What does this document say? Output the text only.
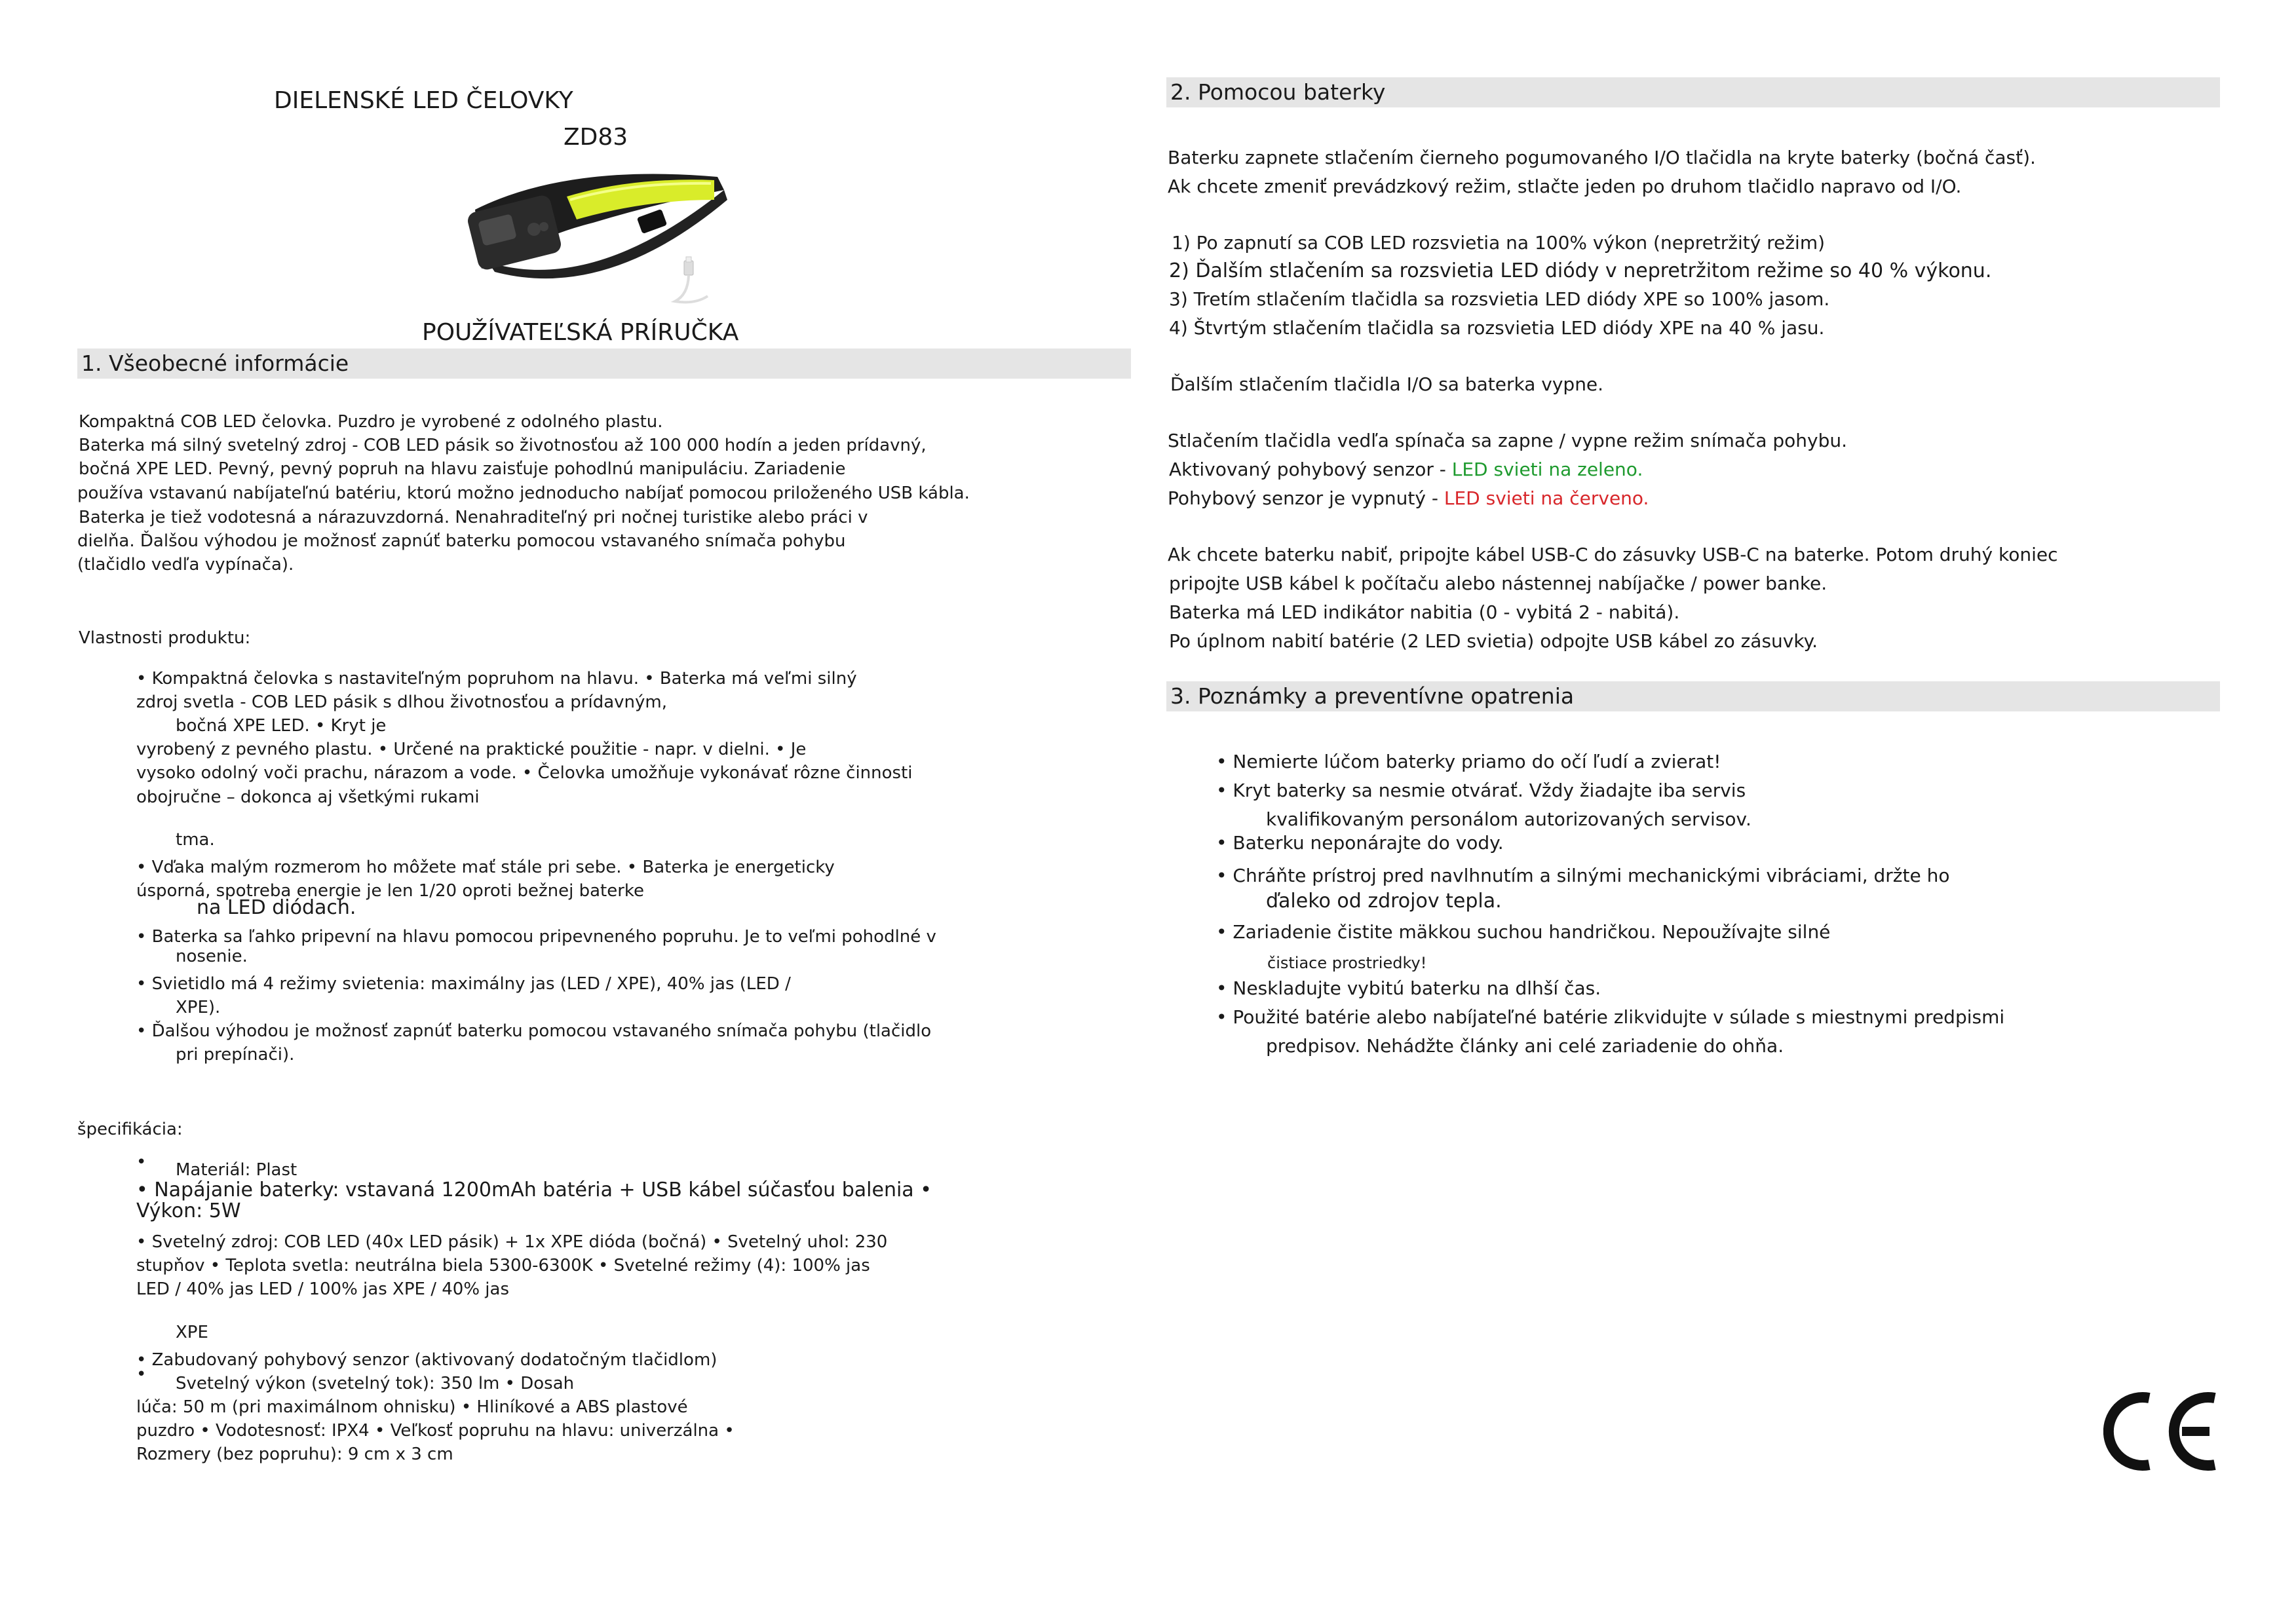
DIELENSKÉ LED ČELOVKY
ZD83
POUŽÍVATEĽSKÁ PRÍRUČKA
1. Všeobecné informácie
Kompaktná COB LED čelovka. Puzdro je vyrobené z odolného plastu.
Baterka má silný svetelný zdroj - COB LED pásik so životnosťou až 100 000 hodín a jeden prídavný,
bočná XPE LED. Pevný, pevný popruh na hlavu zaisťuje pohodlnú manipuláciu. Zariadenie
používa vstavanú nabíjateľnú batériu, ktorú možno jednoducho nabíjať pomocou priloženého USB kábla.
Baterka je tiež vodotesná a nárazuvzdorná. Nenahraditeľný pri nočnej turistike alebo práci v
dielňa. Ďalšou výhodou je možnosť zapnúť baterku pomocou vstavaného snímača pohybu
(tlačidlo vedľa vypínača).
Vlastnosti produktu:
• Kompaktná čelovka s nastaviteľným popruhom na hlavu. • Baterka má veľmi silný
zdroj svetla - COB LED pásik s dlhou životnosťou a prídavným,
bočná XPE LED. • Kryt je
vyrobený z pevného plastu. • Určené na praktické použitie - napr. v dielni. • Je
vysoko odolný voči prachu, nárazom a vode. • Čelovka umožňuje vykonávať rôzne činnosti
obojručne – dokonca aj všetkými rukami
tma.
• Vďaka malým rozmerom ho môžete mať stále pri sebe. • Baterka je energeticky
úsporná, spotreba energie je len 1/20 oproti bežnej baterke
na LED diódach.
• Baterka sa ľahko pripevní na hlavu pomocou pripevneného popruhu. Je to veľmi pohodlné v
nosenie.
• Svietidlo má 4 režimy svietenia: maximálny jas (LED / XPE), 40% jas (LED /
XPE).
• Ďalšou výhodou je možnosť zapnúť baterku pomocou vstavaného snímača pohybu (tlačidlo
pri prepínači).
špecifikácia:
• Materiál: Plast
• Napájanie baterky: vstavaná 1200mAh batéria + USB kábel súčasťou balenia •
Výkon: 5W
• Svetelný zdroj: COB LED (40x LED pásik) + 1x XPE dióda (bočná) • Svetelný uhol: 230
stupňov • Teplota svetla: neutrálna biela 5300-6300K • Svetelné režimy (4): 100% jas
LED / 40% jas LED / 100% jas XPE / 40% jas
XPE
• Zabudovaný pohybový senzor (aktivovaný dodatočným tlačidlom)
• Svetelný výkon (svetelný tok): 350 lm • Dosah
lúča: 50 m (pri maximálnom ohnisku) • Hliníkové a ABS plastové
puzdro • Vodotesnosť: IPX4 • Veľkosť popruhu na hlavu: univerzálna •
Rozmery (bez popruhu): 9 cm x 3 cm
2. Pomocou baterky
Baterku zapnete stlačením čierneho pogumovaného I/O tlačidla na kryte baterky (bočná časť).
Ak chcete zmeniť prevádzkový režim, stlačte jeden po druhom tlačidlo napravo od I/O.
1) Po zapnutí sa COB LED rozsvietia na 100% výkon (nepretržitý režim)
2) Ďalším stlačením sa rozsvietia LED diódy v nepretržitom režime so 40 % výkonu.
3) Tretím stlačením tlačidla sa rozsvietia LED diódy XPE so 100% jasom.
4) Štvrtým stlačením tlačidla sa rozsvietia LED diódy XPE na 40 % jasu.
Ďalším stlačením tlačidla I/O sa baterka vypne.
Stlačením tlačidla vedľa spínača sa zapne / vypne režim snímača pohybu.
Aktivovaný pohybový senzor - LED svieti na zeleno.
Pohybový senzor je vypnutý - LED svieti na červeno.
Ak chcete baterku nabiť, pripojte kábel USB-C do zásuvky USB-C na baterke. Potom druhý koniec
pripojte USB kábel k počítaču alebo nástennej nabíjačke / power banke.
Baterka má LED indikátor nabitia (0 - vybitá 2 - nabitá).
Po úplnom nabití batérie (2 LED svietia) odpojte USB kábel zo zásuvky.
3. Poznámky a preventívne opatrenia
• Nemierte lúčom baterky priamo do očí ľudí a zvierat!
• Kryt baterky sa nesmie otvárať. Vždy žiadajte iba servis
kvalifikovaným personálom autorizovaných servisov.
• Baterku neponárajte do vody.
• Chráňte prístroj pred navlhnutím a silnými mechanickými vibráciami, držte ho
ďaleko od zdrojov tepla.
• Zariadenie čistite mäkkou suchou handričkou. Nepoužívajte silné
čistiace prostriedky!
• Neskladujte vybitú baterku na dlhší čas.
• Použité batérie alebo nabíjateľné batérie zlikvidujte v súlade s miestnymi predpismi
predpisov. Nehádžte články ani celé zariadenie do ohňa.
